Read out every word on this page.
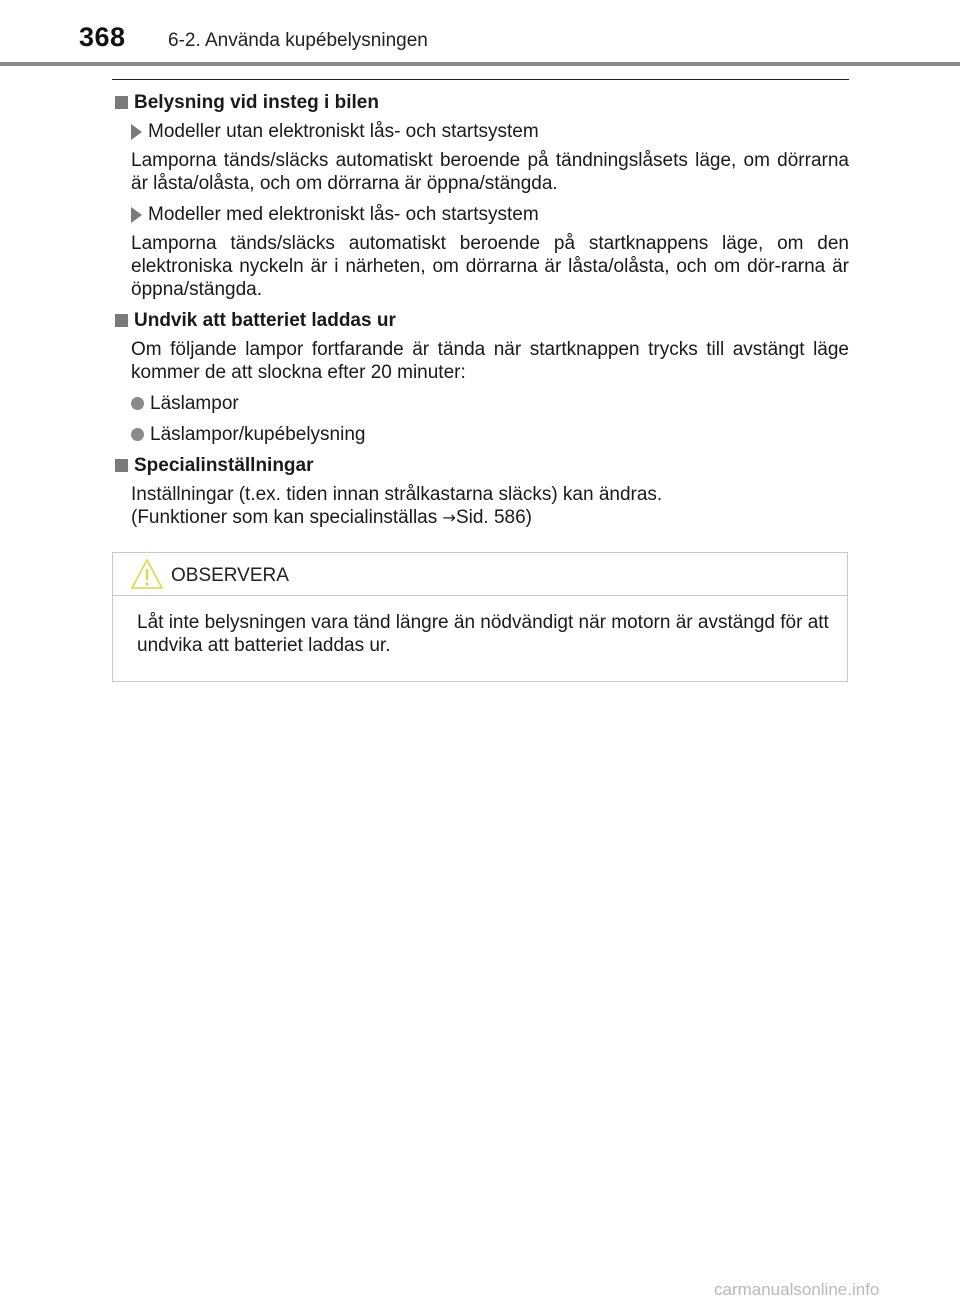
368 6-2. Använda kupébelysningen
Belysning vid insteg i bilen
Modeller utan elektroniskt lås- och startsystem

Lamporna tänds/släcks automatiskt beroende på tändningslåsets läge, om dörrarna är låsta/olåsta, och om dörrarna är öppna/stängda.

Modeller med elektroniskt lås- och startsystem

Lamporna tänds/släcks automatiskt beroende på startknappens läge, om den elektroniska nyckeln är i närheten, om dörrarna är låsta/olåsta, och om dör-rarna är öppna/stängda.

Undvik att batteriet laddas ur

Om följande lampor fortfarande är tända när startknappen trycks till avstängt läge kommer de att slockna efter 20 minuter:

Läslampor
Läslampor/kupébelysning
Specialinställningar

Inställningar (t.ex. tiden innan strålkastarna släcks) kan ändras.
(Funktioner som kan specialinställas →Sid. 586)

OBSERVERA
Låt inte belysningen vara tänd längre än nödvändigt när motorn är avstängd för att undvika att batteriet laddas ur.
carmanualsonline.info
